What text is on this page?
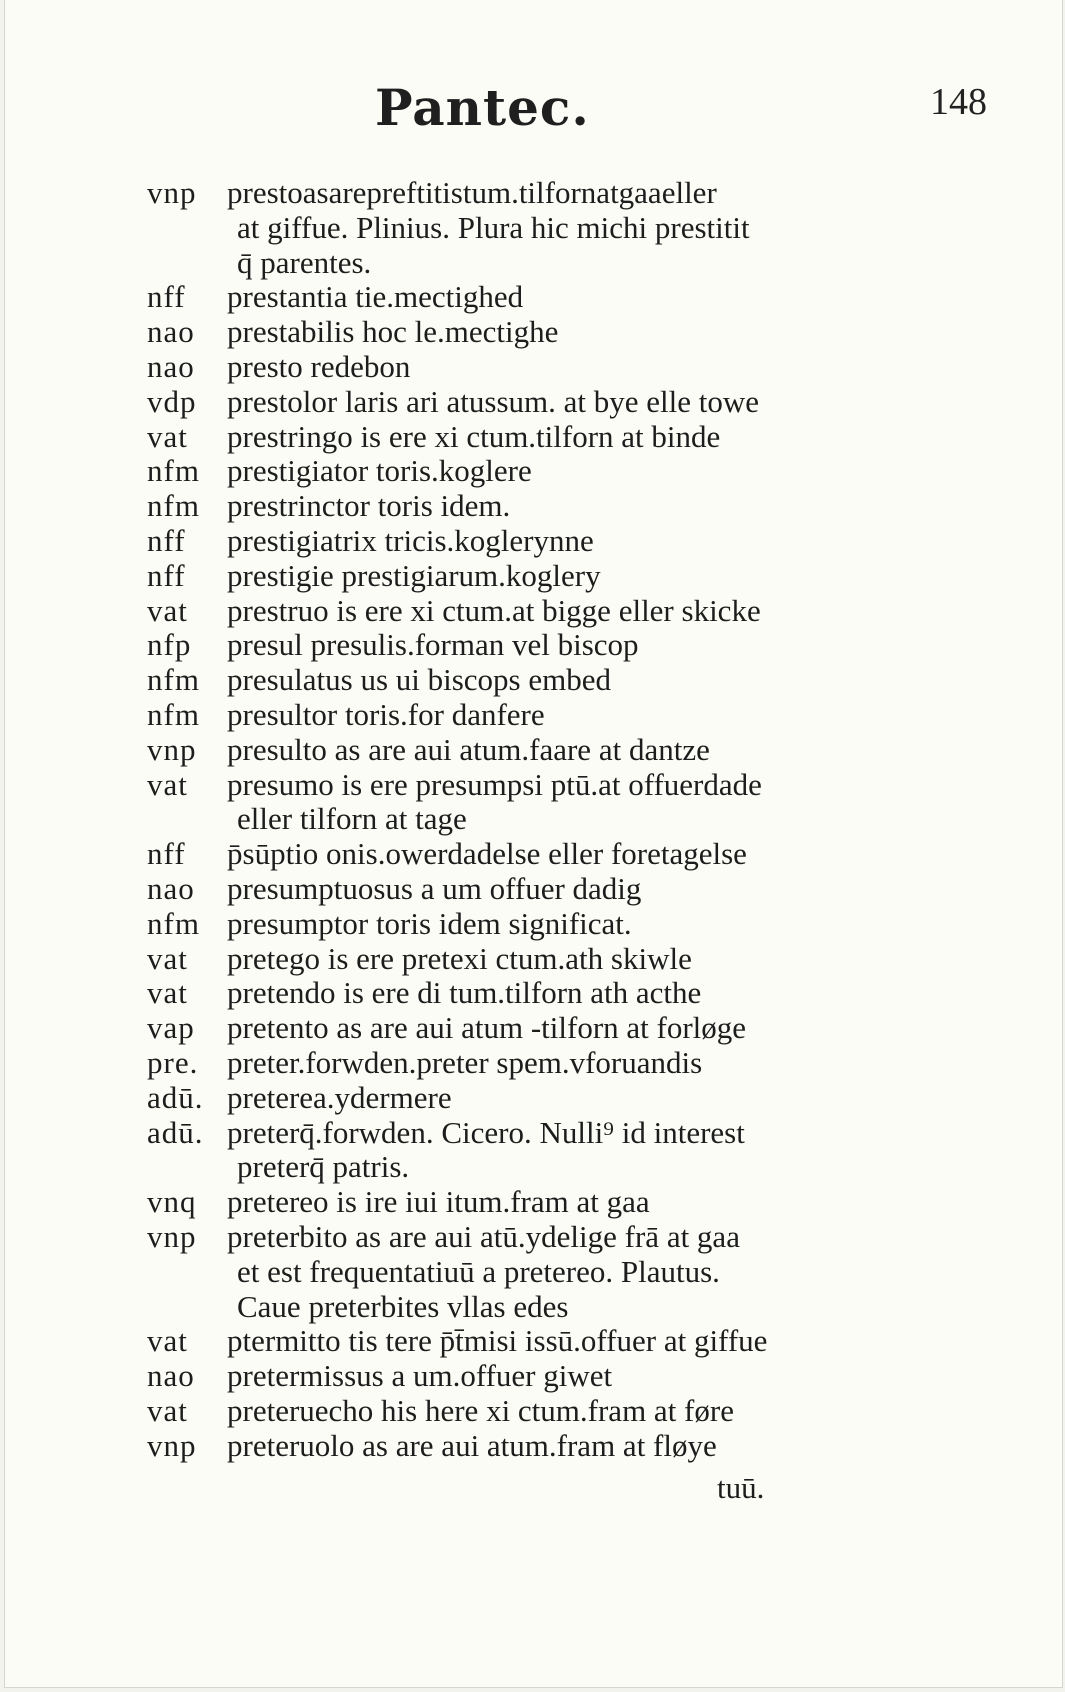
Pantec.	148
vnp prestoasarepreftitistum.tilfornatgaaeller
at giffue. Plinius. Plura hic michi prestitit
q̄ parentes.
nff	prestantia tie.mectighed
nao	prestabilis hoc le.mectighe
nao	presto redebon
vdp prestolor laris ari atussum. at bye elle towe
vat	prestringo is ere xi ctum.tilforn at binde
nfm prestigiator toris.koglere
nfm prestrinctor toris idem.
nff	prestigiatrix tricis.koglerynne
nff	prestigie prestigiarum.koglery
vat	prestruo is ere xi ctum.at bigge eller skicke
nfp	presul presulis.forman vel biscop
nfm presulatus us ui biscops embed
nfm presultor toris.for danfere
vnp presulto as are aui atum.faare at dantze
vat	presumo is ere presumpsi ptū.at offuerdade
eller tilforn at tage
nff	p̄sūptio onis.owerdadelse eller foretagelse
nao	presumptuosus a um offuer dadig
nfm presumptor toris idem significat.
vat	pretego is ere pretexi ctum.ath skiwle
vat	pretendo is ere di tum.tilforn ath acthe
vap	pretento as are aui atum -tilforn at forløge
pre. preter.forwden.preter spem.vforuandis
adū. preterea.ydermere
adū. preterq̄.forwden. Cicero. Nulli⁹ id interest
preterq̄ patris.
vnq pretereo is ire iui itum.fram at gaa
vnp preterbito as are aui atū.ydelige frā at gaa
et est frequentatiuū a pretereo. Plautus.
Caue preterbites vllas edes
vat	ptermitto tis tere p̄t̄misi issū.offuer at giffue
nao	pretermissus a um.offuer giwet
vat	preteruecho his here xi ctum.fram at føre
vnp preteruolo as are aui atum.fram at fløye
tuū.
